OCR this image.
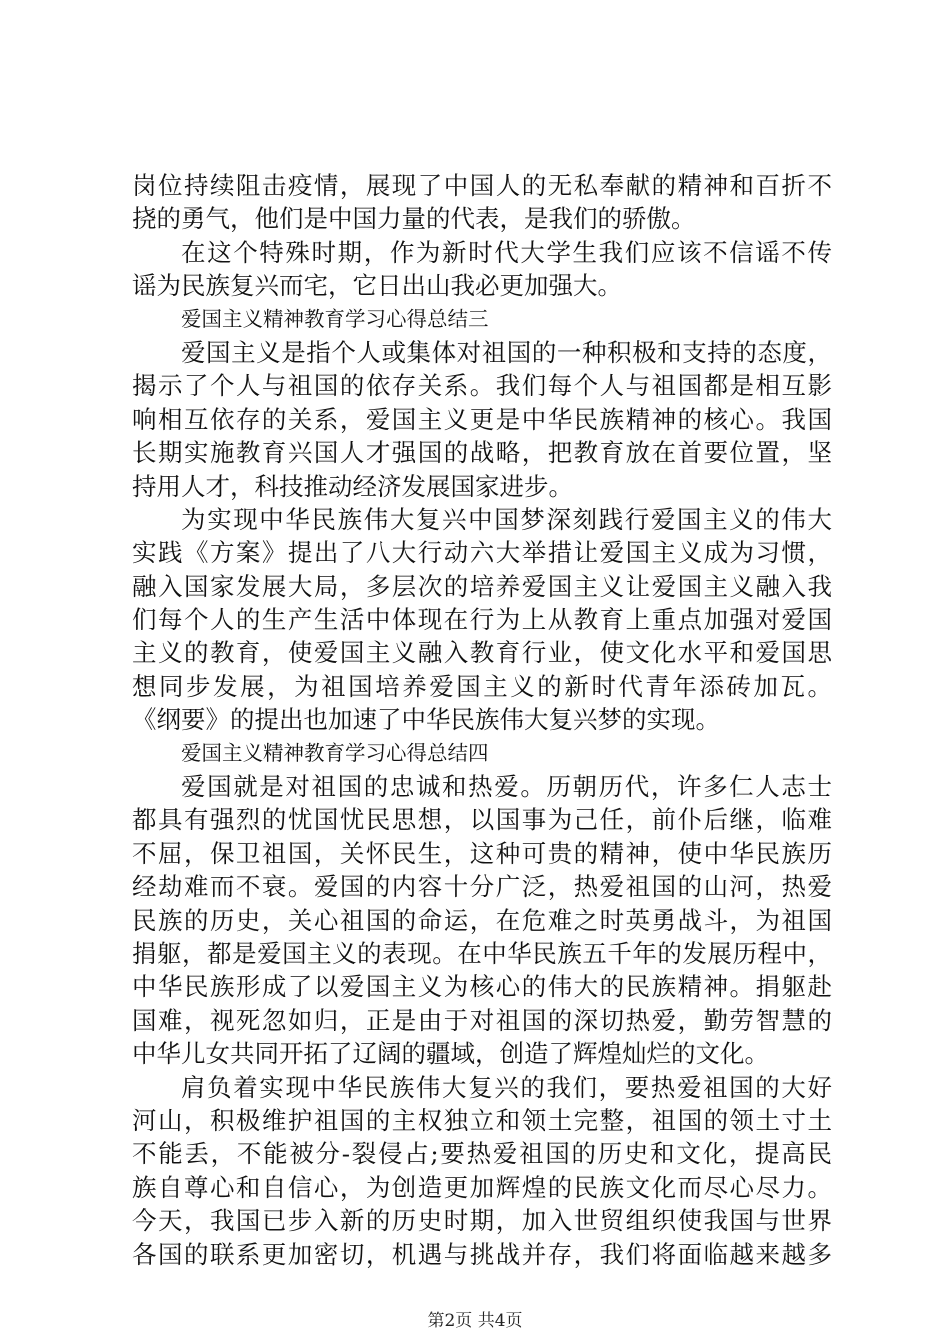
岗位持续阻击疫情，展现了中国人的无私奉献的精神和百折不
挠的勇气，他们是中国力量的代表，是我们的骄傲。
在这个特殊时期，作为新时代大学生我们应该不信谣不传
谣为民族复兴而宅，它日出山我必更加强大。
爱国主义精神教育学习心得总结三
爱国主义是指个人或集体对祖国的一种积极和支持的态度，
揭示了个人与祖国的依存关系。我们每个人与祖国都是相互影
响相互依存的关系，爱国主义更是中华民族精神的核心。我国
长期实施教育兴国人才强国的战略，把教育放在首要位置，坚
持用人才，科技推动经济发展国家进步。
为实现中华民族伟大复兴中国梦深刻践行爱国主义的伟大
实践《方案》提出了八大行动六大举措让爱国主义成为习惯，
融入国家发展大局，多层次的培养爱国主义让爱国主义融入我
们每个人的生产生活中体现在行为上从教育上重点加强对爱国
主义的教育，使爱国主义融入教育行业，使文化水平和爱国思
想同步发展，为祖国培养爱国主义的新时代青年添砖加瓦。
《纲要》的提出也加速了中华民族伟大复兴梦的实现。
爱国主义精神教育学习心得总结四
爱国就是对祖国的忠诚和热爱。历朝历代，许多仁人志士
都具有强烈的忧国忧民思想，以国事为己任，前仆后继，临难
不屈，保卫祖国，关怀民生，这种可贵的精神，使中华民族历
经劫难而不衰。爱国的内容十分广泛，热爱祖国的山河，热爱
民族的历史，关心祖国的命运，在危难之时英勇战斗，为祖国
捐躯，都是爱国主义的表现。在中华民族五千年的发展历程中，
中华民族形成了以爱国主义为核心的伟大的民族精神。捐躯赴
国难，视死忽如归，正是由于对祖国的深切热爱，勤劳智慧的
中华儿女共同开拓了辽阔的疆域，创造了辉煌灿烂的文化。
肩负着实现中华民族伟大复兴的我们，要热爱祖国的大好
河山，积极维护祖国的主权独立和领土完整，祖国的领土寸土
不能丢，不能被分-裂侵占;要热爱祖国的历史和文化，提高民
族自尊心和自信心，为创造更加辉煌的民族文化而尽心尽力。
今天，我国已步入新的历史时期，加入世贸组织使我国与世界
各国的联系更加密切，机遇与挑战并存，我们将面临越来越多
第2页 共4页
